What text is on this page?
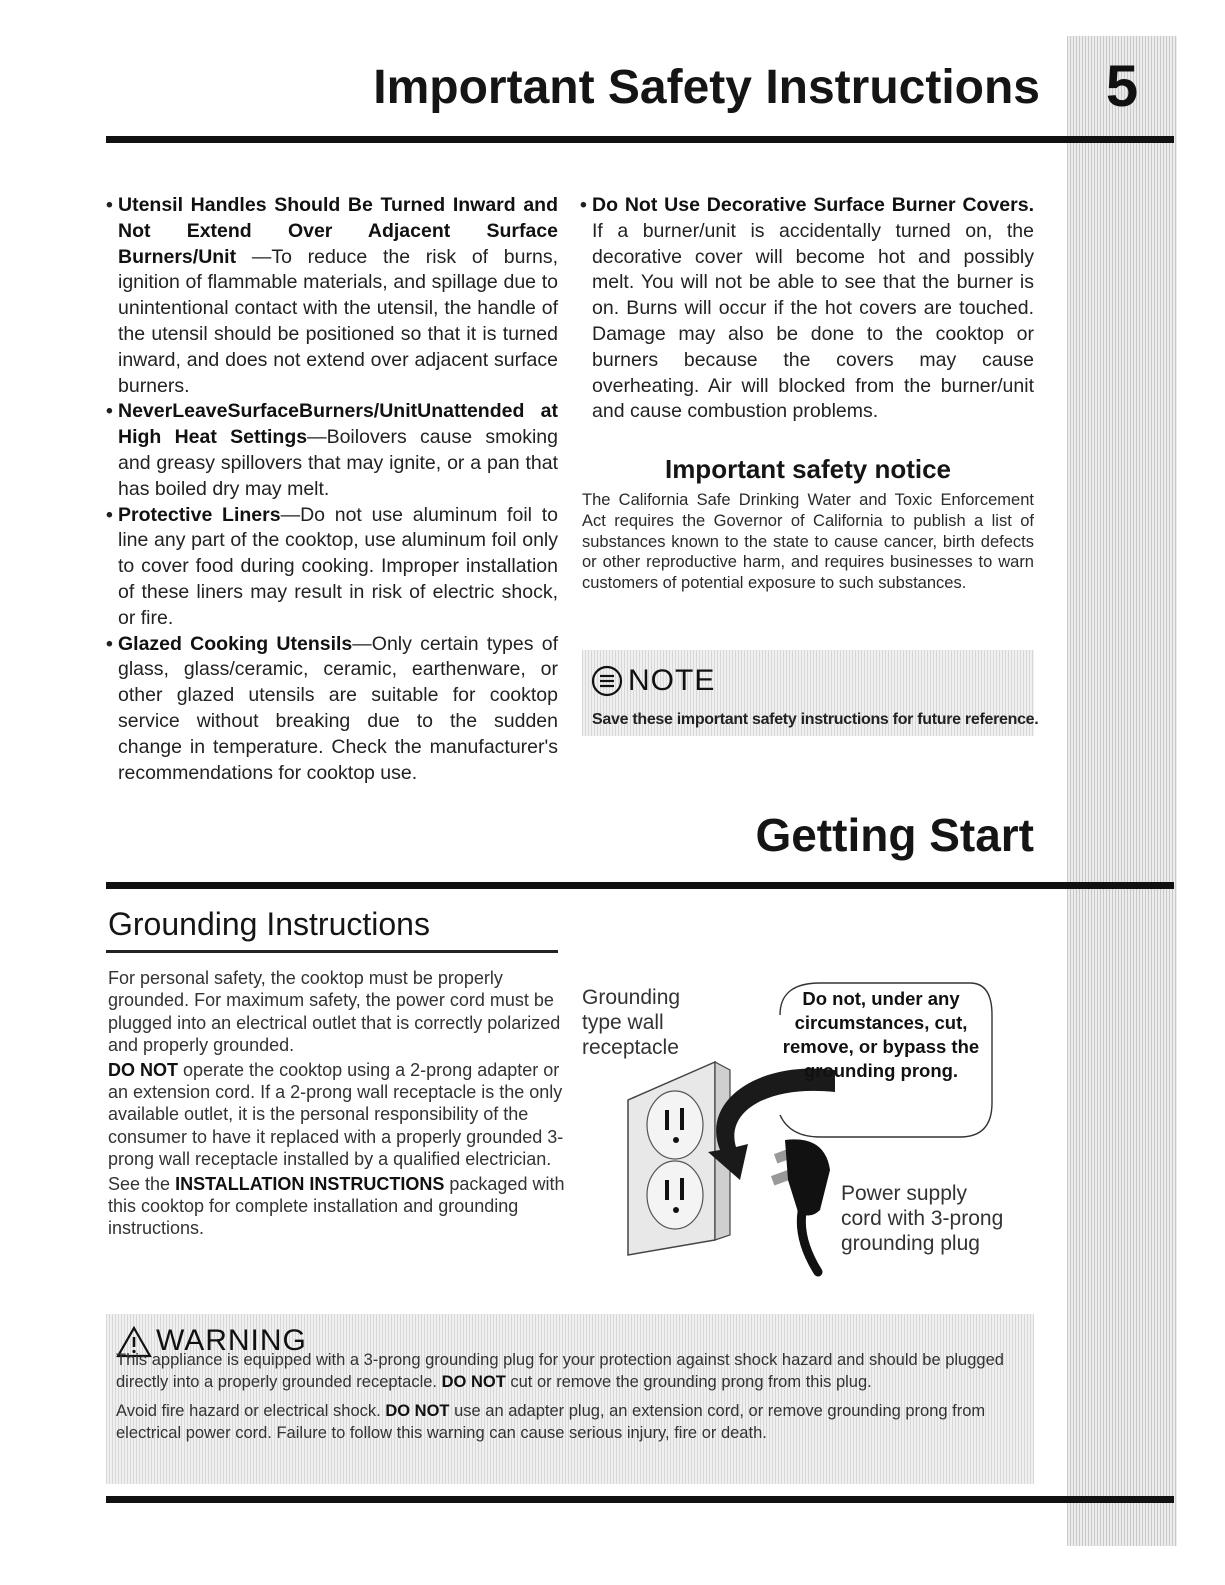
5
Important Safety Instructions

• Utensil Handles Should Be Turned Inward and Not Extend Over Adjacent Surface Burners/Unit —To reduce the risk of burns, ignition of flammable materials, and spillage due to unintentional contact with the utensil, the handle of the utensil should be positioned so that it is turned inward, and does not extend over adjacent surface burners.

• NeverLeaveSurfaceBurners/UnitUnattended at High Heat Settings—Boilovers cause smoking and greasy spillovers that may ignite, or a pan that has boiled dry may melt.

• Protective Liners—Do not use aluminum foil to line any part of the cooktop, use aluminum foil only to cover food during cooking. Improper installation of these liners may result in risk of electric shock, or fire.

• Glazed Cooking Utensils—Only certain types of glass, glass/ceramic, ceramic, earthenware, or other glazed utensils are suitable for cooktop service without breaking due to the sudden change in temperature. Check the manufacturer's recommendations for cooktop use.

• Do Not Use Decorative Surface Burner Covers. If a burner/unit is accidentally turned on, the decorative cover will become hot and possibly melt. You will not be able to see that the burner is on. Burns will occur if the hot covers are touched. Damage may also be done to the cooktop or burners because the covers may cause overheating. Air will blocked from the burner/unit and cause combustion problems.

Important safety notice

The California Safe Drinking Water and Toxic Enforcement Act requires the Governor of California to publish a list of substances known to the state to cause cancer, birth defects or other reproductive harm, and requires businesses to warn customers of potential exposure to such substances.

NOTE
Save these important safety instructions for future reference.
Getting Start
Grounding Instructions

For personal safety, the cooktop must be properly grounded. For maximum safety, the power cord must be plugged into an electrical outlet that is correctly polarized and properly grounded.

DO NOT operate the cooktop using a 2-prong adapter or an extension cord. If a 2-prong wall receptacle is the only available outlet, it is the personal responsibility of the consumer to have it replaced with a properly grounded 3-prong wall receptacle installed by a qualified electrician.

See the INSTALLATION INSTRUCTIONS packaged with this cooktop for complete installation and grounding instructions.

Grounding
type wall
receptacle
Do not, under any circumstances, cut, remove, or bypass the grounding prong.
Power supply
cord with 3-prong
grounding plug
WARNING

This appliance is equipped with a 3-prong grounding plug for your protection against shock hazard and should be plugged directly into a properly grounded receptacle. DO NOT cut or remove the grounding prong from this plug.

Avoid fire hazard or electrical shock. DO NOT use an adapter plug, an extension cord, or remove grounding prong from electrical power cord. Failure to follow this warning can cause serious injury, fire or death.
